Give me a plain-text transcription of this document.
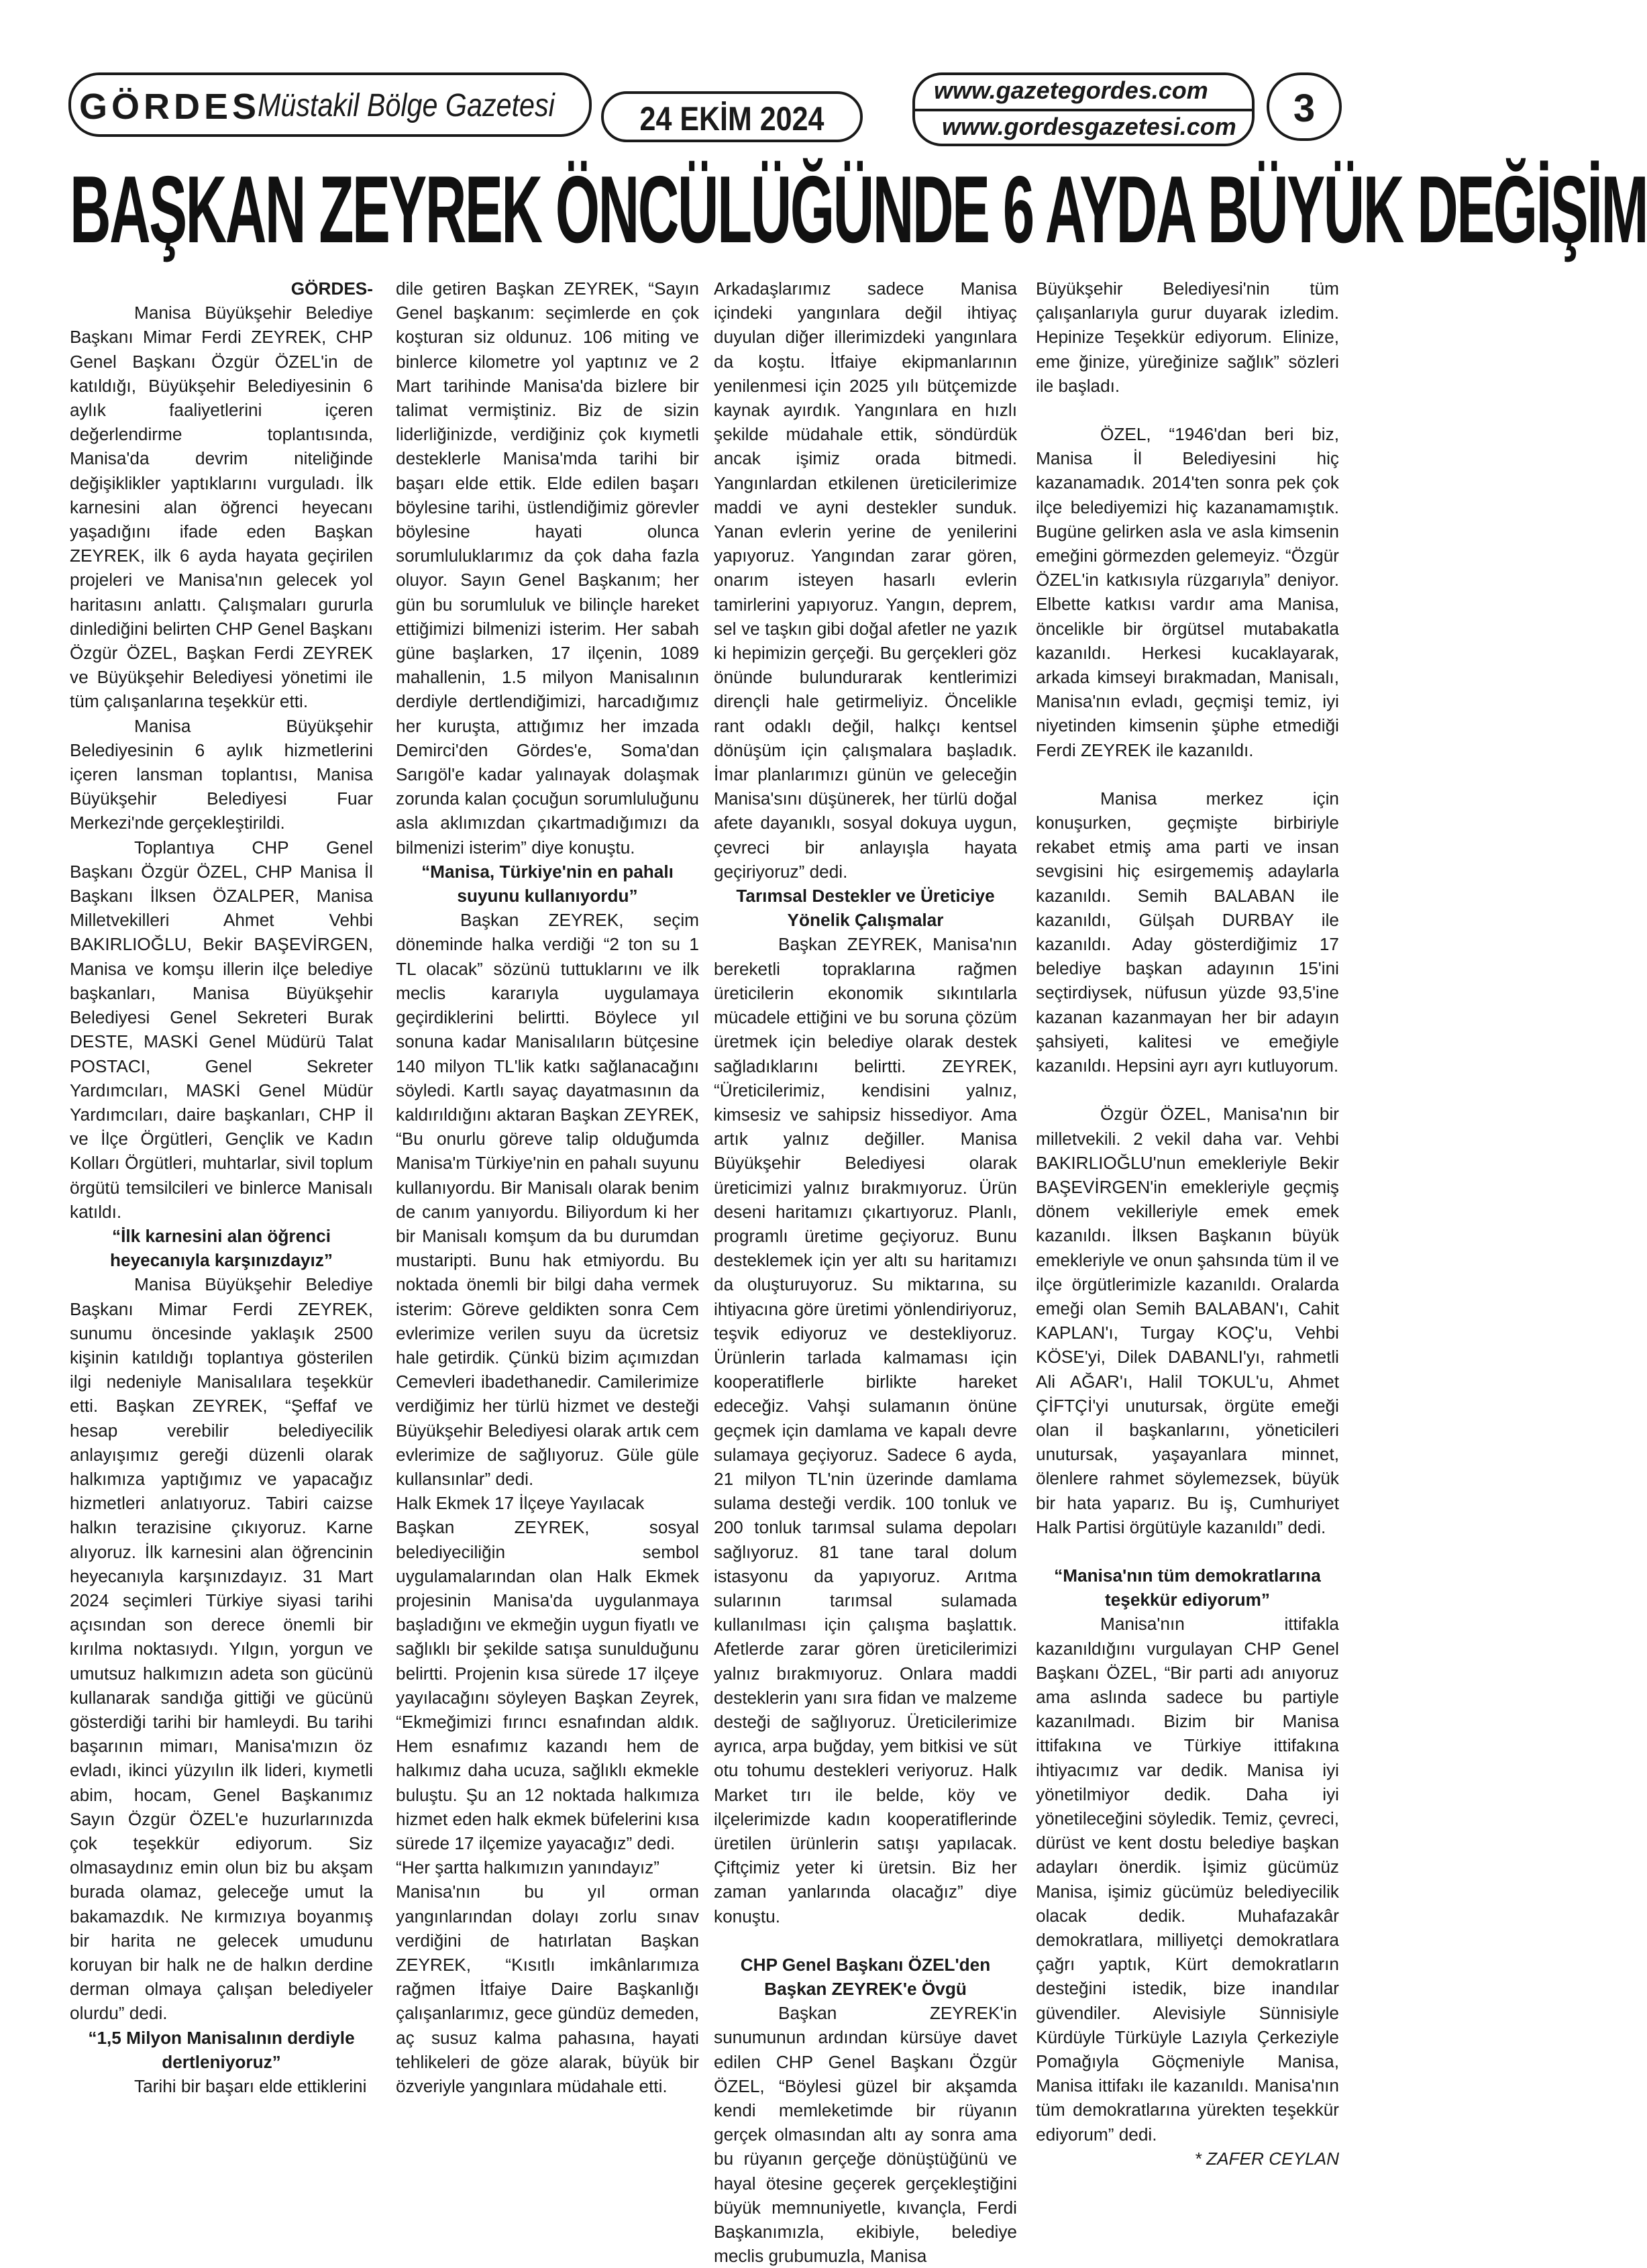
GÖRDES
Müstakil Bölge Gazetesi	24 EKİM 2024
www.gazetegordes.com
www.gordesgazetesi.com	3
BAŞKAN ZEYREK ÖNCÜLÜĞÜNDE 6 AYDA BÜYÜK DEĞİŞİM

GÖRDES-

Manisa Büyükşehir Belediye Başkanı Mimar Ferdi ZEYREK, CHP Genel Başkanı Özgür ÖZEL'in de katıldığı, Büyükşehir Belediyesinin 6 aylık faaliyetlerini içeren değerlendirme toplantısında, Manisa'da devrim niteliğinde değişiklikler yaptıklarını vurguladı. İlk karnesini alan öğrenci heyecanı yaşadığını ifade eden Başkan ZEYREK, ilk 6 ayda hayata geçirilen projeleri ve Manisa'nın gelecek yol haritasını anlattı. Çalışmaları gururla dinlediğini belirten CHP Genel Başkanı Özgür ÖZEL, Başkan Ferdi ZEYREK ve Büyükşehir Belediyesi yönetimi ile tüm çalışanlarına teşekkür etti.

Manisa Büyükşehir Belediyesinin 6 aylık hizmetlerini içeren lansman toplantısı, Manisa Büyükşehir Belediyesi Fuar Merkezi'nde gerçekleştirildi.

Toplantıya CHP Genel Başkanı Özgür ÖZEL, CHP Manisa İl Başkanı İlksen ÖZALPER, Manisa Milletvekilleri Ahmet Vehbi BAKIRLIOĞLU, Bekir BAŞEVİRGEN, Manisa ve komşu illerin ilçe belediye başkanları, Manisa Büyükşehir Belediyesi Genel Sekreteri Burak DESTE, MASKİ Genel Müdürü Talat POSTACI, Genel Sekreter Yardımcıları, MASKİ Genel Müdür Yardımcıları, daire başkanları, CHP İl ve İlçe Örgütleri, Gençlik ve Kadın Kolları Örgütleri, muhtarlar, sivil toplum örgütü temsilcileri ve binlerce Manisalı katıldı.

“İlk karnesini alan öğrenci heyecanıyla karşınızdayız”

Manisa Büyükşehir Belediye Başkanı Mimar Ferdi ZEYREK, sunumu öncesinde yaklaşık 2500 kişinin katıldığı toplantıya gösterilen ilgi nedeniyle Manisalılara teşekkür etti. Başkan ZEYREK, “Şeffaf ve hesap verebilir belediyecilik anlayışımız gereği düzenli olarak halkımıza yaptığımız ve yapacağız hizmetleri anlatıyoruz. Tabiri caizse halkın terazisine çıkıyoruz. Karne alıyoruz. İlk karnesini alan öğrencinin heyecanıyla karşınızdayız. 31 Mart 2024 seçimleri Türkiye siyasi tarihi açısından son derece önemli bir kırılma noktasıydı. Yılgın, yorgun ve umutsuz halkımızın adeta son gücünü kullanarak sandığa gittiği ve gücünü gösterdiği tarihi bir hamleydi. Bu tarihi başarının mimarı, Manisa'mızın öz evladı, ikinci yüzyılın ilk lideri, kıymetli abim, hocam, Genel Başkanımız Sayın Özgür ÖZEL'e huzurlarınızda çok teşekkür ediyorum. Siz olmasaydınız emin olun biz bu akşam burada olamaz, geleceğe umut la bakamazdık. Ne kırmızıya boyanmış bir harita ne gelecek umudunu koruyan bir halk ne de halkın derdine derman olmaya çalışan belediyeler olurdu” dedi.

“1,5 Milyon Manisalının derdiyle dertleniyoruz”

Tarihi bir başarı elde ettiklerini

dile getiren Başkan ZEYREK, “Sayın Genel başkanım: seçimlerde en çok koşturan siz oldunuz. 106 miting ve binlerce kilometre yol yaptınız ve 2 Mart tarihinde Manisa'da bizlere bir talimat vermiştiniz. Biz de sizin liderliğinizde, verdiğiniz çok kıymetli desteklerle Manisa'mda tarihi bir başarı elde ettik. Elde edilen başarı böylesine tarihi, üstlendiğimiz görevler böylesine hayati olunca sorumluluklarımız da çok daha fazla oluyor. Sayın Genel Başkanım; her gün bu sorumluluk ve bilinçle hareket ettiğimizi bilmenizi isterim. Her sabah güne başlarken, 17 ilçenin, 1089 mahallenin, 1.5 milyon Manisalının derdiyle dertlendiğimizi, harcadığımız her kuruşta, attığımız her imzada Demirci'den Gördes'e, Soma'dan Sarıgöl'e kadar yalınayak dolaşmak zorunda kalan çocuğun sorumluluğunu aslа aklımızdan çıkartmadığımızı da bilmenizi isterim” diye konuştu.

“Manisa, Türkiye'nin en pahalı suyunu kullanıyordu”

Başkan ZEYREK, seçim döneminde halka verdiği “2 ton su 1 TL olacak” sözünü tuttuklarını ve ilk meclis kararıyla uygulamaya geçirdiklerini belirtti. Böylece yıl sonuna kadar Manisalıların bütçesine 140 milyon TL'lik katkı sağlanacağını söyledi. Kartlı sayaç dayatmasının da kaldırıldığını aktaran Başkan ZEYREK, “Bu onurlu göreve talip olduğumda Manisa'm Türkiye'nin en pahalı suyunu kullanıyordu. Bir Manisalı olarak benim de canım yanıyordu. Biliyordum ki her bir Manisalı komşum da bu durumdan mustaripti. Bunu hak etmiyordu. Bu noktada önemli bir bilgi daha vermek isterim: Göreve geldikten sonra Cem evlerimize verilen suyu da ücretsiz hale getirdik. Çünkü bizim açımızdan Cemevleri ibadethanedir. Camilerimize verdiğimiz her türlü hizmet ve desteği Büyükşehir Belediyesi olarak artık cem evlerimize de sağlıyoruz. Güle güle kullansınlar” dedi.

Halk Ekmek 17 İlçeye Yayılacak

Başkan ZEYREK, sosyal belediyeciliğin sembol uygulamalarından olan Halk Ekmek projesinin Manisa'da uygulanmaya başladığını ve ekmeğin uygun fiyatlı ve sağlıklı bir şekilde satışa sunulduğunu belirtti. Projenin kısa sürede 17 ilçeye yayılacağını söyleyen Başkan Zeyrek, “Ekmeğimizi fırıncı esnafından aldık. Hem esnafımız kazandı hem de halkımız daha ucuza, sağlıklı ekmekle buluştu. Şu an 12 noktada halkımıza hizmet eden halk ekmek büfelerini kısa sürede 17 ilçemize yayacağız” dedi.

“Her şartta halkımızın yanındayız”

Manisa'nın bu yıl orman yangınlarından dolayı zorlu sınav verdiğini de hatırlatan Başkan ZEYREK, “Kısıtlı imkânlarımıza rağmen İtfaiye Daire Başkanlığı çalışanlarımız, gece gündüz demeden, aç susuz kalma pahasına, hayati tehlikeleri de göze alarak, büyük bir özveriyle yangınlara müdahale etti.

Arkadaşlarımız sadece Manisa içindeki yangınlara değil ihtiyaç duyulan diğer illerimizdeki yangınlara da koştu. İtfaiye ekipmanlarının yenilenmesi için 2025 yılı bütçemizde kaynak ayırdık. Yangınlara en hızlı şekilde müdahale ettik, söndürdük ancak işimiz orada bitmedi. Yangınlardan etkilenen üreticilerimize maddi ve ayni destekler sunduk. Yanan evlerin yerine de yenilerini yapıyoruz. Yangından zarar gören, onarım isteyen hasarlı evlerin tamirlerini yapıyoruz. Yangın, deprem, sel ve taşkın gibi doğal afetler ne yazık ki hepimizin gerçeği. Bu gerçekleri göz önünde bulundurarak kentlerimizi dirençli hale getirmeliyiz. Öncelikle rant odaklı değil, halkçı kentsel dönüşüm için çalışmalara başladık. İmar planlarımızı günün ve geleceğin Manisa'sını düşünerek, her türlü doğal afete dayanıklı, sosyal dokuya uygun, çevreci bir anlayışla hayata geçiriyoruz” dedi.

Tarımsal Destekler ve Üreticiye Yönelik Çalışmalar

Başkan ZEYREK, Manisa'nın bereketli topraklarına rağmen üreticilerin ekonomik sıkıntılarla mücadele ettiğini ve bu soruna çözüm üretmek için belediye olarak destek sağladıklarını belirtti. ZEYREK, “Üreticilerimiz, kendisini yalnız, kimsesiz ve sahipsiz hissediyor. Ama artık yalnız değiller. Manisa Büyükşehir Belediyesi olarak üreticimizi yalnız bırakmıyoruz. Ürün deseni haritamızı çıkartıyoruz. Planlı, programlı üretime geçiyoruz. Bunu desteklemek için yer altı su haritamızı da oluşturuyoruz. Su miktarına, su ihtiyacına göre üretimi yönlendiriyoruz, teşvik ediyoruz ve destekliyoruz. Ürünlerin tarlada kalmaması için kooperatiflerle birlikte hareket edeceğiz. Vahşi sulamanın önüne geçmek için damlama ve kapalı devre sulamaya geçiyoruz. Sadece 6 ayda, 21 milyon TL'nin üzerinde damlama sulama desteği verdik. 100 tonluk ve 200 tonluk tarımsal sulama depoları sağlıyoruz. 81 tane taral dolum istasyonu da yapıyoruz. Arıtma sularının tarımsal sulamada kullanılması için çalışma başlattık. Afetlerde zarar gören üreticilerimizi yalnız bırakmıyoruz. Onlara maddi desteklerin yanı sıra fidan ve malzeme desteği de sağlıyoruz. Üreticilerimize ayrıca, arpa buğday, yem bitkisi ve süt otu tohumu destekleri veriyoruz. Halk Market tırı ile belde, köy ve ilçelerimizde kadın kooperatiflerinde üretilen ürünlerin satışı yapılacak. Çiftçimiz yeter ki üretsin. Biz her zaman yanlarında olacağız” diye konuştu.

CHP Genel Başkanı ÖZEL'den Başkan ZEYREK'e Övgü

Başkan ZEYREK'in sunumunun ardından kürsüye davet edilen CHP Genel Başkanı Özgür ÖZEL, “Böylesi güzel bir akşamda kendi memleketimde bir rüyanın gerçek olmasından altı ay sonra ama bu rüyanın gerçeğe dönüştüğünü ve hayal ötesine geçerek gerçekleştiğini büyük memnuniyetle, kıvançla, Ferdi Başkanımızla, ekibiyle, belediye meclis grubumuzla, Manisa

Büyükşehir Belediyesi'nin tüm çalışanlarıyla gurur duyarak izledim. Hepinize Teşekkür ediyorum. Elinize, eme ğinize, yüreğinize sağlık” sözleri ile başladı.

ÖZEL, “1946'dan beri biz, Manisa İl Belediyesini hiç kazanamadık. 2014'ten sonra pek çok ilçe belediyemizi hiç kazanamamıştık. Bugüne gelirken asla ve asla kimsenin emeğini görmezden gelemeyiz. “Özgür ÖZEL'in katkısıyla rüzgarıyla” deniyor. Elbette katkısı vardır ama Manisa, öncelikle bir örgütsel mutabakatla kazanıldı. Herkesi kucaklayarak, arkada kimseyi bırakmadan, Manisalı, Manisa'nın evladı, geçmişi temiz, iyi niyetinden kimsenin şüphe etmediği Ferdi ZEYREK ile kazanıldı.

Manisa merkez için konuşurken, geçmişte birbiriyle rekabet etmiş ama parti ve insan sevgisini hiç esirgememiş adaylarla kazanıldı. Semih BALABAN ile kazanıldı, Gülşah DURBAY ile kazanıldı. Aday gösterdiğimiz 17 belediye başkan adayının 15'ini seçtirdiysek, nüfusun yüzde 93,5'ine kazanan kazanmayan her bir adayın şahsiyeti, kalitesi ve emeğiyle kazanıldı. Hepsini ayrı ayrı kutluyorum.

Özgür ÖZEL, Manisa'nın bir milletvekili. 2 vekil daha var. Vehbi BAKIRLIOĞLU'nun emekleriyle Bekir BAŞEVİRGEN'in emekleriyle geçmiş dönem vekilleriyle emek emek kazanıldı. İlksen Başkanın büyük emekleriyle ve onun şahsında tüm il ve ilçe örgütlerimizle kazanıldı. Oralarda emeği olan Semih BALABAN'ı, Cahit KAPLAN'ı, Turgay KOÇ'u, Vehbi KÖSE'yi, Dilek DABANLI'yı, rahmetli Ali AĞAR'ı, Halil TOKUL'u, Ahmet ÇİFTÇİ'yi unutursak, örgüte emeği olan il başkanlarını, yöneticileri unutursak, yaşayanlara minnet, ölenlere rahmet söylemezsek, büyük bir hata yaparız. Bu iş, Cumhuriyet Halk Partisi örgütüyle kazanıldı” dedi.

“Manisa'nın tüm demokratlarına teşekkür ediyorum”

Manisa'nın ittifakla kazanıldığını vurgulayan CHP Genel Başkanı ÖZEL, “Bir parti adı anıyoruz ama aslında sadece bu partiyle kazanılmadı. Bizim bir Manisa ittifakına ve Türkiye ittifakına ihtiyacımız var dedik. Manisa iyi yönetilmiyor dedik. Daha iyi yönetileceğini söyledik. Temiz, çevreci, dürüst ve kent dostu belediye başkan adayları önerdik. İşimiz gücümüz Manisa, işimiz gücümüz belediyecilik olacak dedik. Muhafazakâr demokratlara, milliyetçi demokratlara çağrı yaptık, Kürt demokratların desteğini istedik, bize inandılar güvendiler. Alevisiyle Sünnisiyle Kürdüyle Türküyle Lazıyla Çerkeziyle Pomağıyla Göçmeniyle Manisa, Manisa ittifakı ile kazanıldı. Manisa'nın tüm demokratlarına yürekten teşekkür ediyorum” dedi.

* ZAFER CEYLAN
